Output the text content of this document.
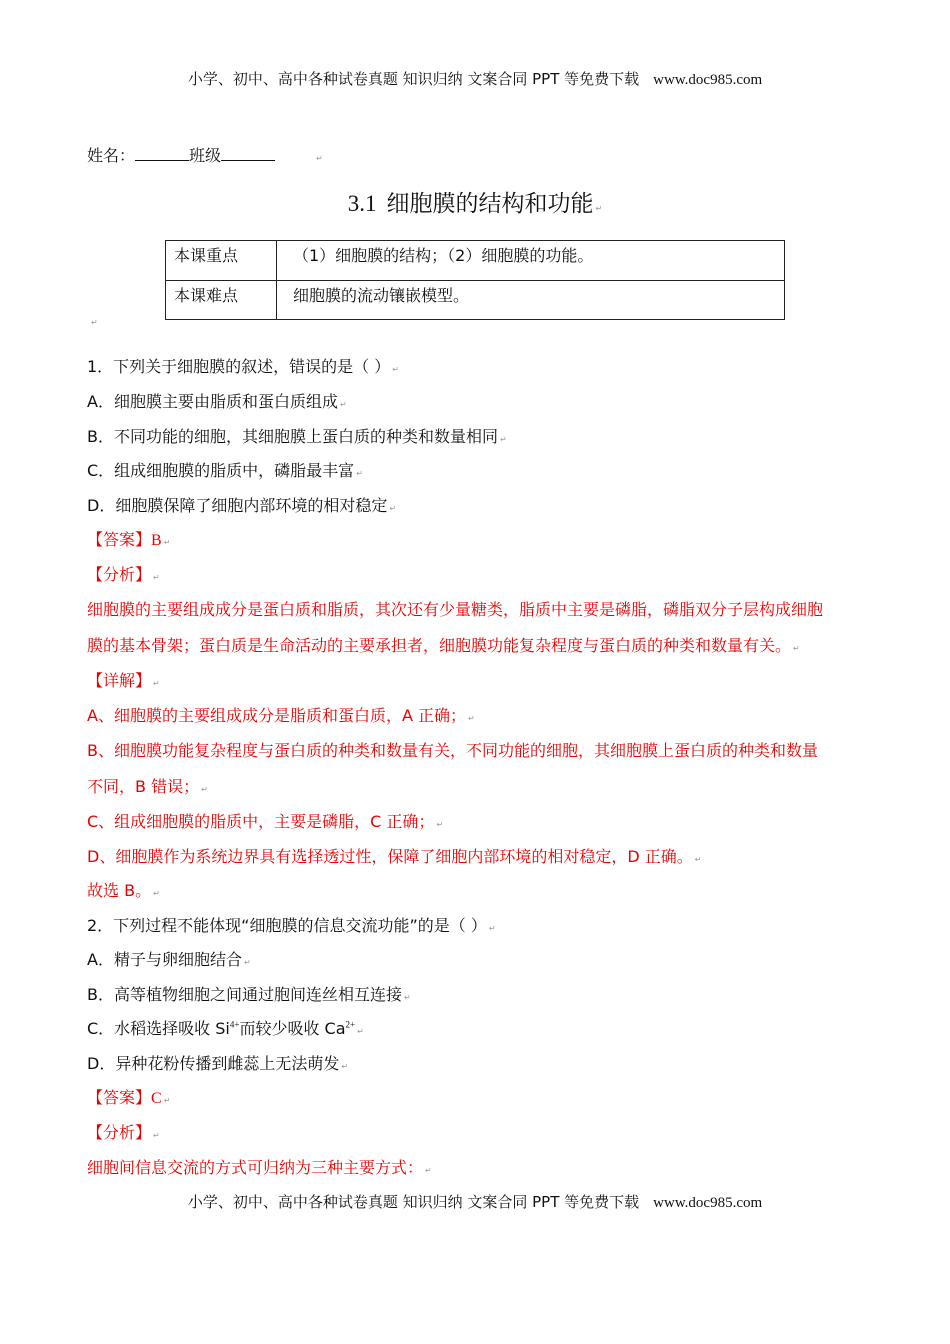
小学、初中、高中各种试卷真题 知识归纳 文案合同 PPT 等免费下载 www.doc985.com
姓名：	班级	↵
3.1 细胞膜的结构和功能 ↵
本课重点	（1）细胞膜的结构；（2）细胞膜的功能。
本课难点	细胞膜的流动镶嵌模型。
↵
1．下列关于细胞膜的叙述，错误的是（ ） ↵
A．细胞膜主要由脂质和蛋白质组成 ↵
B．不同功能的细胞，其细胞膜上蛋白质的种类和数量相同 ↵
C．组成细胞膜的脂质中，磷脂最丰富 ↵
D．细胞膜保障了细胞内部环境的相对稳定 ↵
【答案】B ↵
【分析】 ↵
细胞膜的主要组成成分是蛋白质和脂质，其次还有少量糖类，脂质中主要是磷脂，磷脂双分子层构成细胞
膜的基本骨架；蛋白质是生命活动的主要承担者，细胞膜功能复杂程度与蛋白质的种类和数量有关。 ↵
【详解】 ↵
A、细胞膜的主要组成成分是脂质和蛋白质，A 正确； ↵
B、细胞膜功能复杂程度与蛋白质的种类和数量有关，不同功能的细胞，其细胞膜上蛋白质的种类和数量
不同，B 错误； ↵
C、组成细胞膜的脂质中，主要是磷脂，C 正确； ↵
D、细胞膜作为系统边界具有选择透过性，保障了细胞内部环境的相对稳定，D 正确。 ↵
故选 B。 ↵
2．下列过程不能体现“细胞膜的信息交流功能”的是（ ） ↵
A．精子与卵细胞结合 ↵
B．高等植物细胞之间通过胞间连丝相互连接 ↵
C．水稻选择吸收 $Si^{4+}$而较少吸收 $Ca^{2+}↵$
D．异种花粉传播到雌蕊上无法萌发 ↵
【答案】C ↵
【分析】 ↵
细胞间信息交流的方式可归纳为三种主要方式： ↵
小学、初中、高中各种试卷真题 知识归纳 文案合同 PPT 等免费下载 www.doc985.com
